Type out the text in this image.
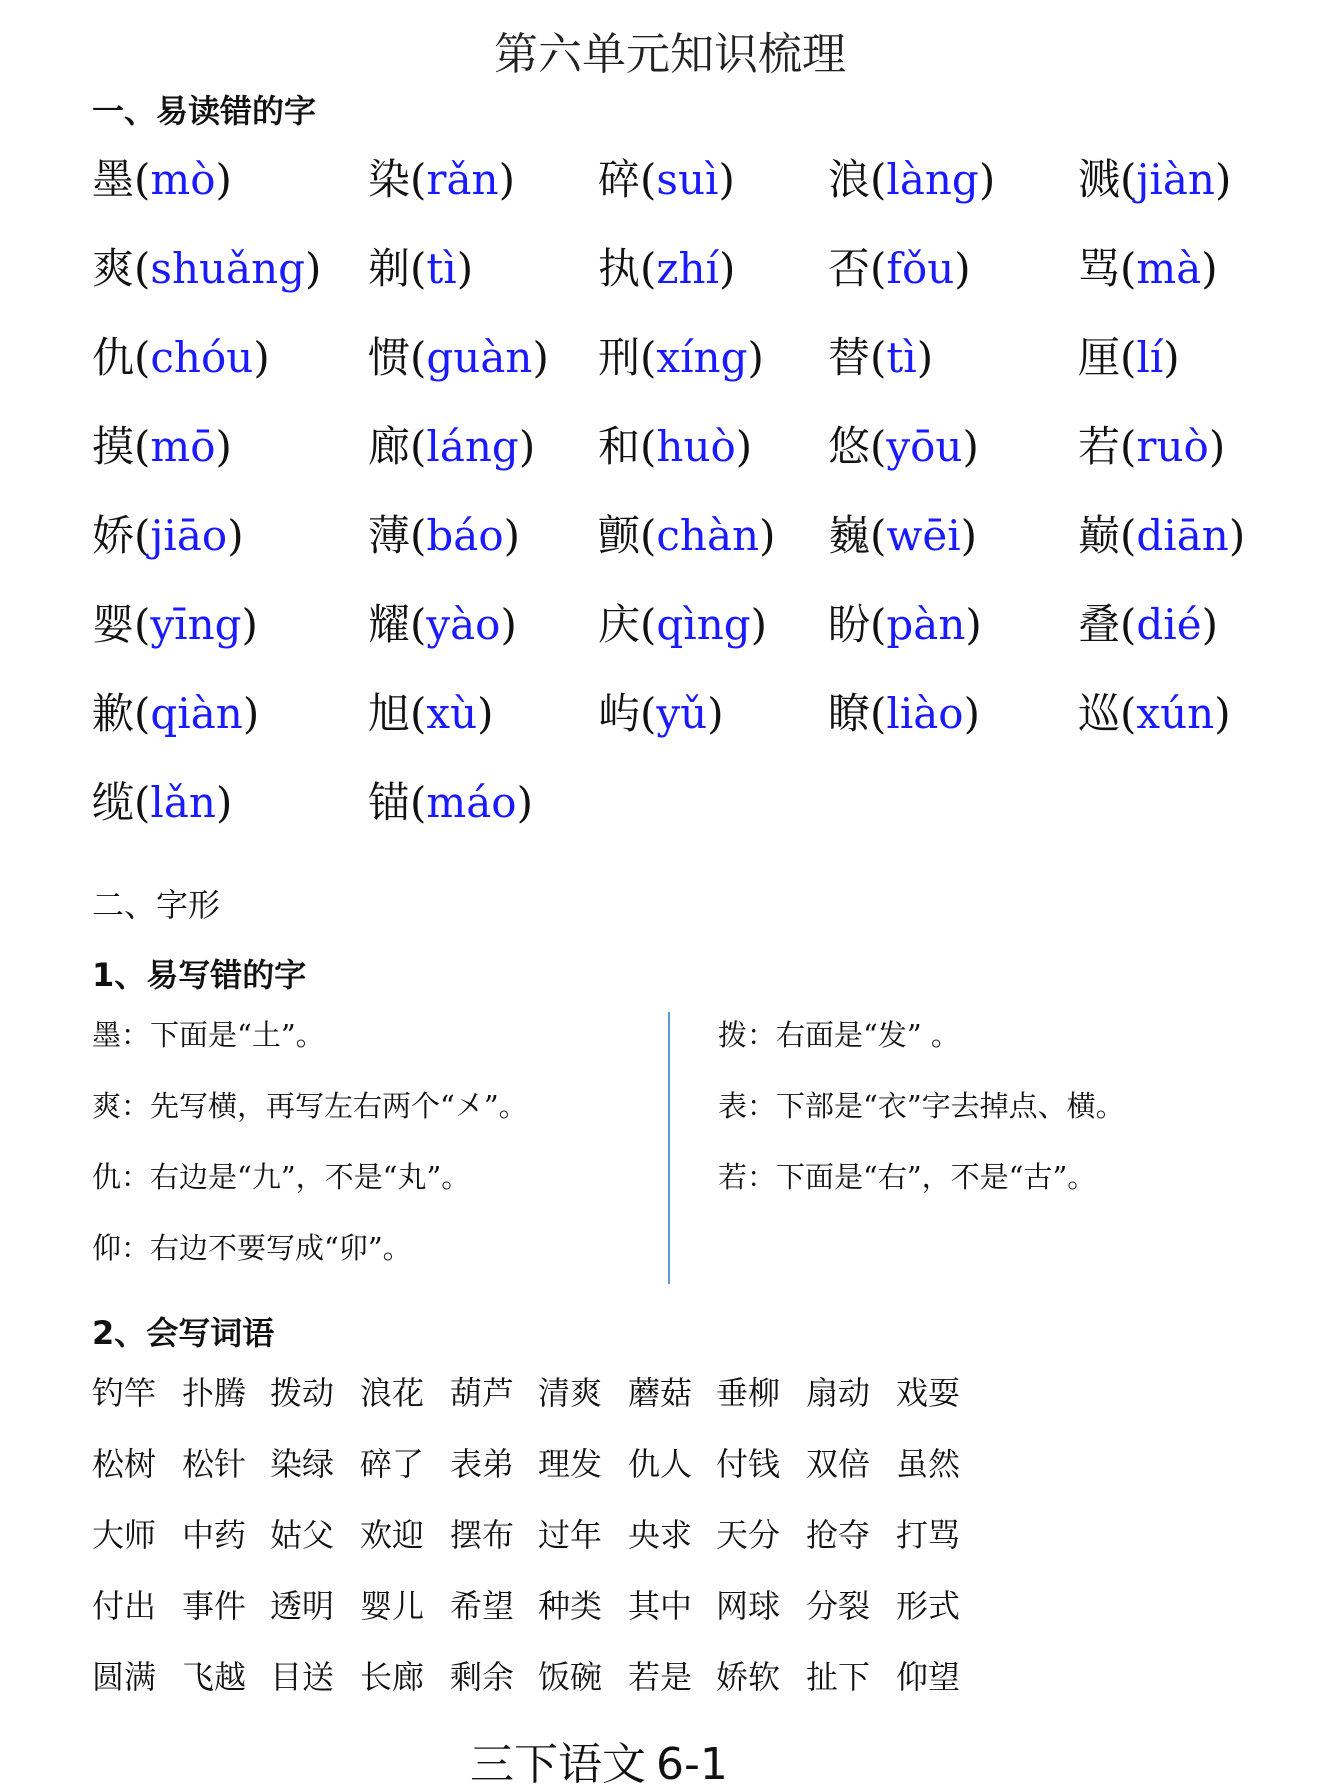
第六单元知识梳理
一、易读错的字
墨(mò)	染(rǎn) 碎(suì) 浪(làng) 溅(jiàn)
爽(shuǎng) 剃(tì)	执(zhí) 否(fǒu)	骂(mà)
仇(chóu) 惯(guàn) 刑(xíng) 替(tì)	厘(lí)
摸(mō)	廊(láng) 和(huò) 悠(yōu) 若(ruò)
娇(jiāo)	薄(báo) 颤(chàn) 巍(wēi) 巅(diān)
婴(yīng)	耀(yào) 庆(qìng) 盼(pàn) 叠(dié)
歉(qiàn)	旭(xù) 屿(yǔ) 瞭(liào) 巡(xún)
缆(lǎn)	锚(máo)
二、字形
1、易写错的字
墨：下面是“土”。
爽：先写横，再写左右两个“㐅”。
仇：右边是“九”，不是“丸”。
仰：右边不要写成“卯”。
拨：右面是“发” 。
表：下部是“衣”字去掉点、横。
若：下面是“右”，不是“古”。
2、会写词语
钓竿 扑腾 拨动 浪花 葫芦 清爽 蘑菇 垂柳 扇动 戏耍
松树 松针 染绿 碎了 表弟 理发 仇人 付钱 双倍 虽然
大师 中药 姑父 欢迎 摆布 过年 央求 天分 抢夺 打骂
付出 事件 透明 婴儿 希望 种类 其中 网球 分裂 形式
圆满 飞越 目送 长廊 剩余 饭碗 若是 娇软 扯下 仰望
三下语文 6-1
